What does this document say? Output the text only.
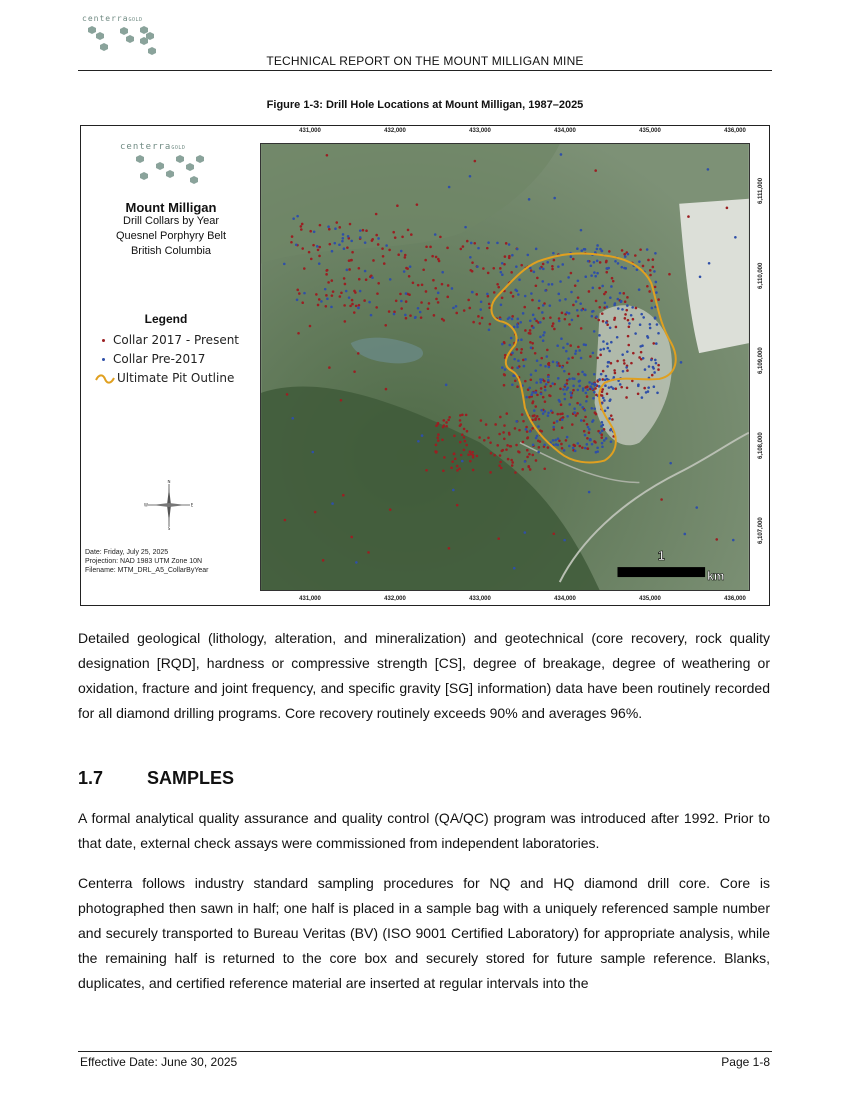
centerraGOLD
TECHNICAL REPORT ON THE MOUNT MILLIGAN MINE
Figure 1-3: Drill Hole Locations at Mount Milligan, 1987–2025
centerraGOLD
Mount Milligan
Drill Collars by Year
Quesnel Porphyry Belt
British Columbia
Legend
Collar 2017 - Present
Collar Pre-2017
Ultimate Pit Outline
N
S
E
W
Date: Friday, July 25, 2025
Projection: NAD 1983 UTM Zone 10N
Filename: MTM_DRL_A5_CollarByYear
1
km
431,000	432,000	433,000	434,000	435,000	436,000
431,000	432,000	433,000	434,000	435,000	436,000
6,111,000
6,110,000
6,109,000
6,108,000
6,107,000
Detailed geological (lithology, alteration, and mineralization) and geotechnical (core recovery, rock quality designation [RQD], hardness or compressive strength [CS], degree of breakage, degree of weathering or oxidation, fracture and joint frequency, and specific gravity [SG] information) data have been routinely recorded for all diamond drilling programs. Core recovery routinely exceeds 90% and averages 96%.
1.7 SAMPLES
A formal analytical quality assurance and quality control (QA/QC) program was introduced after 1992. Prior to that date, external check assays were commissioned from independent laboratories.
Centerra follows industry standard sampling procedures for NQ and HQ diamond drill core. Core is photographed then sawn in half; one half is placed in a sample bag with a uniquely referenced sample number and securely transported to Bureau Veritas (BV) (ISO 9001 Certified Laboratory) for appropriate analysis, while the remaining half is returned to the core box and securely stored for future sample reference. Blanks, duplicates, and certified reference material are inserted at regular intervals into the
Effective Date: June 30, 2025	Page 1-8
